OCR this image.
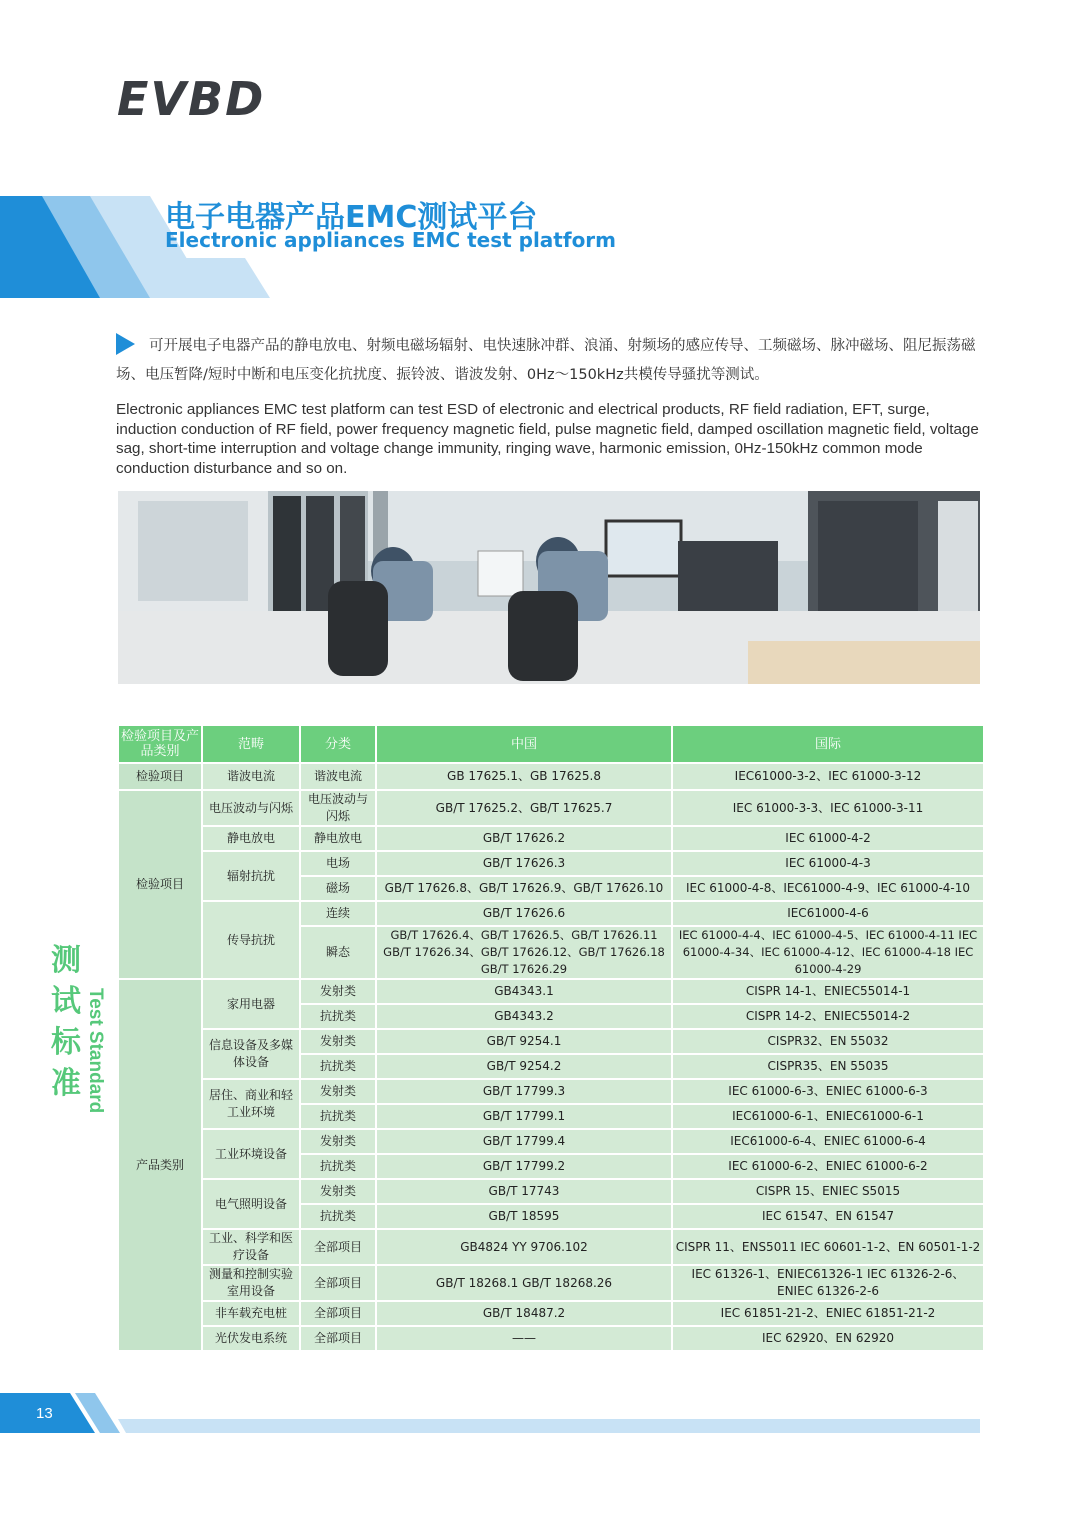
EVBD
电子电器产品EMC测试平台
Electronic appliances EMC test platform
可开展电子电器产品的静电放电、射频电磁场辐射、电快速脉冲群、浪涌、射频场的感应传导、工频磁场、脉冲磁场、阻尼振荡磁场、电压暂降/短时中断和电压变化抗扰度、振铃波、谐波发射、0Hz～150kHz共模传导骚扰等测试。
Electronic appliances EMC test platform can test ESD of electronic and electrical products, RF field radiation, EFT, surge, induction conduction of RF field, power frequency magnetic field, pulse magnetic field, damped oscillation magnetic field, voltage sag, short-time interruption and voltage change immunity, ringing wave, harmonic emission, 0Hz-150kHz common mode conduction disturbance and so on.
测
试
标
准 Test Standard
检验项目及产品类别	范畴	分类	中国	国际
检验项目	谐波电流	谐波电流	GB 17625.1、GB 17625.8	IEC61000-3-2、IEC 61000-3-12
检验项目	电压波动与闪烁	电压波动与闪烁	GB/T 17625.2、GB/T 17625.7	IEC 61000-3-3、IEC 61000-3-11
	静电放电	静电放电	GB/T 17626.2	IEC 61000-4-2
	辐射抗扰	电场	GB/T 17626.3	IEC 61000-4-3
		磁场	GB/T 17626.8、GB/T 17626.9、GB/T 17626.10	IEC 61000-4-8、IEC61000-4-9、IEC 61000-4-10
	传导抗扰	连续	GB/T 17626.6	IEC61000-4-6
		瞬态	GB/T 17626.4、GB/T 17626.5、GB/T 17626.11 GB/T 17626.34、GB/T 17626.12、GB/T 17626.18 GB/T 17626.29	IEC 61000-4-4、IEC 61000-4-5、IEC 61000-4-11 IEC 61000-4-34、IEC 61000-4-12、IEC 61000-4-18 IEC 61000-4-29
产品类别	家用电器	发射类	GB4343.1	CISPR 14-1、ENIEC55014-1
		抗扰类	GB4343.2	CISPR 14-2、ENIEC55014-2
	信息设备及多媒体设备	发射类	GB/T 9254.1	CISPR32、EN 55032
		抗扰类	GB/T 9254.2	CISPR35、EN 55035
	居住、商业和轻工业环境	发射类	GB/T 17799.3	IEC 61000-6-3、ENIEC 61000-6-3
		抗扰类	GB/T 17799.1	IEC61000-6-1、ENIEC61000-6-1
	工业环境设备	发射类	GB/T 17799.4	IEC61000-6-4、ENIEC 61000-6-4
		抗扰类	GB/T 17799.2	IEC 61000-6-2、ENIEC 61000-6-2
	电气照明设备	发射类	GB/T 17743	CISPR 15、ENIEC S5015
		抗扰类	GB/T 18595	IEC 61547、EN 61547
	工业、科学和医疗设备	全部项目	GB4824 YY 9706.102	CISPR 11、ENS5011 IEC 60601-1-2、EN 60501-1-2
	测量和控制实验室用设备	全部项目	GB/T 18268.1 GB/T 18268.26	IEC 61326-1、ENIEC61326-1 IEC 61326-2-6、ENIEC 61326-2-6
	非车载充电桩	全部项目	GB/T 18487.2	IEC 61851-21-2、ENIEC 61851-21-2
	光伏发电系统	全部项目	——	IEC 62920、EN 62920
13
